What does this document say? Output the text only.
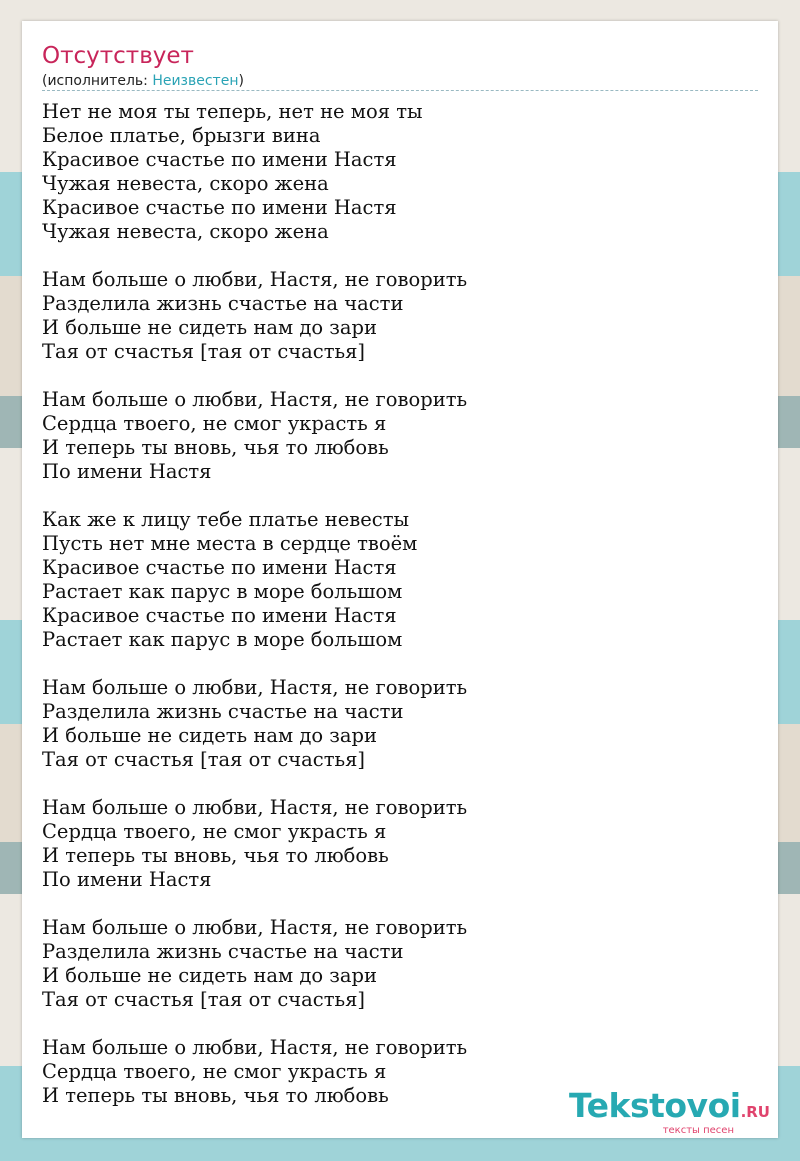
Отсутствует
(исполнитель: Неизвестен)
Нет не моя ты теперь, нет не моя ты
Белое платье, брызги вина
Красивое счастье по имени Настя
Чужая невеста, скоро жена
Красивое счастье по имени Настя
Чужая невеста, скоро жена
Нам больше о любви, Настя, не говорить
Разделила жизнь счастье на части
И больше не сидеть нам до зари
Тая от счастья [тая от счастья]
Нам больше о любви, Настя, не говорить
Сердца твоего, не смог украсть я
И теперь ты вновь, чья то любовь
По имени Настя
Как же к лицу тебе платье невесты
Пусть нет мне места в сердце твоём
Красивое счастье по имени Настя
Растает как парус в море большом
Красивое счастье по имени Настя
Растает как парус в море большом
Нам больше о любви, Настя, не говорить
Разделила жизнь счастье на части
И больше не сидеть нам до зари
Тая от счастья [тая от счастья]
Нам больше о любви, Настя, не говорить
Сердца твоего, не смог украсть я
И теперь ты вновь, чья то любовь
По имени Настя
Нам больше о любви, Настя, не говорить
Разделила жизнь счастье на части
И больше не сидеть нам до зари
Тая от счастья [тая от счастья]
Нам больше о любви, Настя, не говорить
Сердца твоего, не смог украсть я
И теперь ты вновь, чья то любовь	Tekstovoi.RU
тексты песен
